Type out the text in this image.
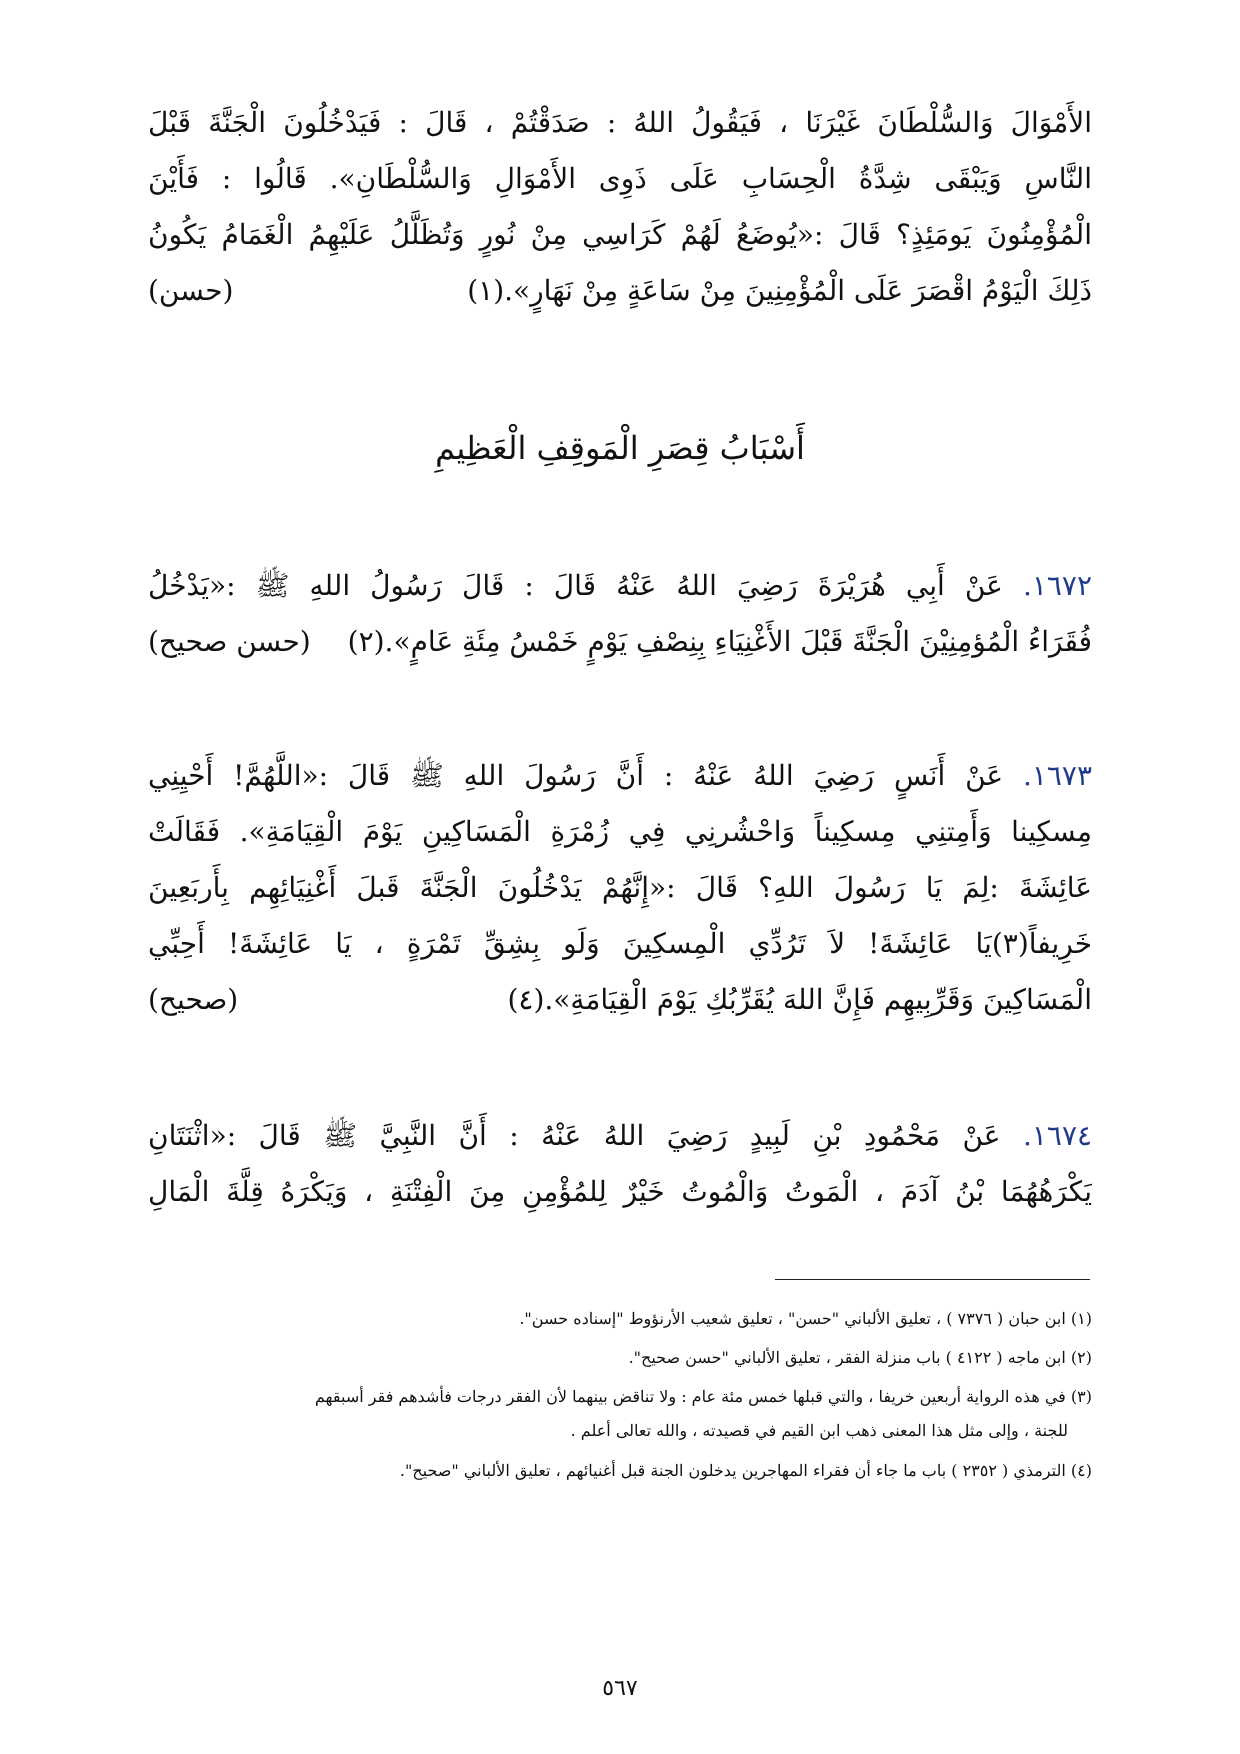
الأَمْوَالَ وَالسُّلْطَانَ غَيْرَنَا ، فَيَقُولُ اللهُ : صَدَقْتُمْ ، قَالَ : فَيَدْخُلُونَ الْجَنَّةَ قَبْلَ
النَّاسِ وَيَبْقَى شِدَّةُ الْحِسَابِ عَلَى ذَوِى الأَمْوَالِ وَالسُّلْطَانِ». قَالُوا : فَأَيْنَ
الْمُؤْمِنُونَ يَومَئِذٍ؟ قَالَ :«يُوضَعُ لَهُمْ كَرَاسِي مِنْ نُورٍ وَتُظَلَّلُ عَلَيْهِمُ الْغَمَامُ يَكُونُ
ذَلِكَ الْيَوْمُ اقْصَرَ عَلَى الْمُؤْمِنِينَ مِنْ سَاعَةٍ مِنْ نَهَارٍ».(١)
(حسن)
أَسْبَابُ قِصَرِ الْمَوقِفِ الْعَظِيمِ
١٦٧٢. عَنْ أَبِي هُرَيْرَةَ رَضِيَ اللهُ عَنْهُ قَالَ : قَالَ رَسُولُ اللهِ ﷺ :«يَدْخُلُ
فُقَرَاءُ الْمُؤمِنِيْنَ الْجَنَّةَ قَبْلَ الأَغْنِيَاءِ بِنِصْفِ يَوْمٍ خَمْسُ مِئَةِ عَامٍ».(٢)
(حسن صحيح)
١٦٧٣. عَنْ أَنَسٍ رَضِيَ اللهُ عَنْهُ : أَنَّ رَسُولَ اللهِ ﷺ قَالَ :«اللَّهُمَّ! أَحْيِنِي
مِسكِينا وَأَمِتنِي مِسكِيناً وَاحْشُرنِي فِي زُمْرَةِ الْمَسَاكِينِ يَوْمَ الْقِيَامَةِ». فَقَالَتْ
عَائِشَةَ :لِمَ يَا رَسُولَ اللهِ؟ قَالَ :«إِنَّهُمْ يَدْخُلُونَ الْجَنَّةَ قَبلَ أَغْنِيَائِهِم بِأَربَعِينَ
خَرِيفاً(٣)يَا عَائِشَةَ! لاَ تَرُدِّي الْمِسكِينَ وَلَو بِشِقِّ تَمْرَةٍ ، يَا عَائِشَةَ! أَحِبِّي
الْمَسَاكِينَ وَقَرِّبِيهِم فَإِنَّ اللهَ يُقَرِّبُكِ يَوْمَ الْقِيَامَةِ».(٤)
(صحيح)
١٦٧٤. عَنْ مَحْمُودِ بْنِ لَبِيدٍ رَضِيَ اللهُ عَنْهُ : أَنَّ النَّبِيَّ ﷺ قَالَ :«اثْنَتَانِ
يَكْرَهُهُمَا بْنُ آدَمَ ، الْمَوتُ وَالْمُوتُ خَيْرٌ لِلمُؤْمِنِ مِنَ الْفِتْنَةِ ، وَيَكْرَهُ قِلَّةَ الْمَالِ
(١) ابن حبان ( ٧٣٧٦ ) ، تعليق الألباني "حسن" ، تعليق شعيب الأرنؤوط "إسناده حسن".
(٢) ابن ماجه ( ٤١٢٢ ) باب منزلة الفقر ، تعليق الألباني "حسن صحيح".
(٣) في هذه الرواية أربعين خريفا ، والتي قبلها خمس مئة عام : ولا تناقض بينهما لأن الفقر درجات فأشدهم فقر أسبقهم
للجنة ، وإلى مثل هذا المعنى ذهب ابن القيم في قصيدته ، والله تعالى أعلم .
(٤) الترمذي ( ٢٣٥٢ ) باب ما جاء أن فقراء المهاجرين يدخلون الجنة قبل أغنيائهم ، تعليق الألباني "صحيح".
٥٦٧
